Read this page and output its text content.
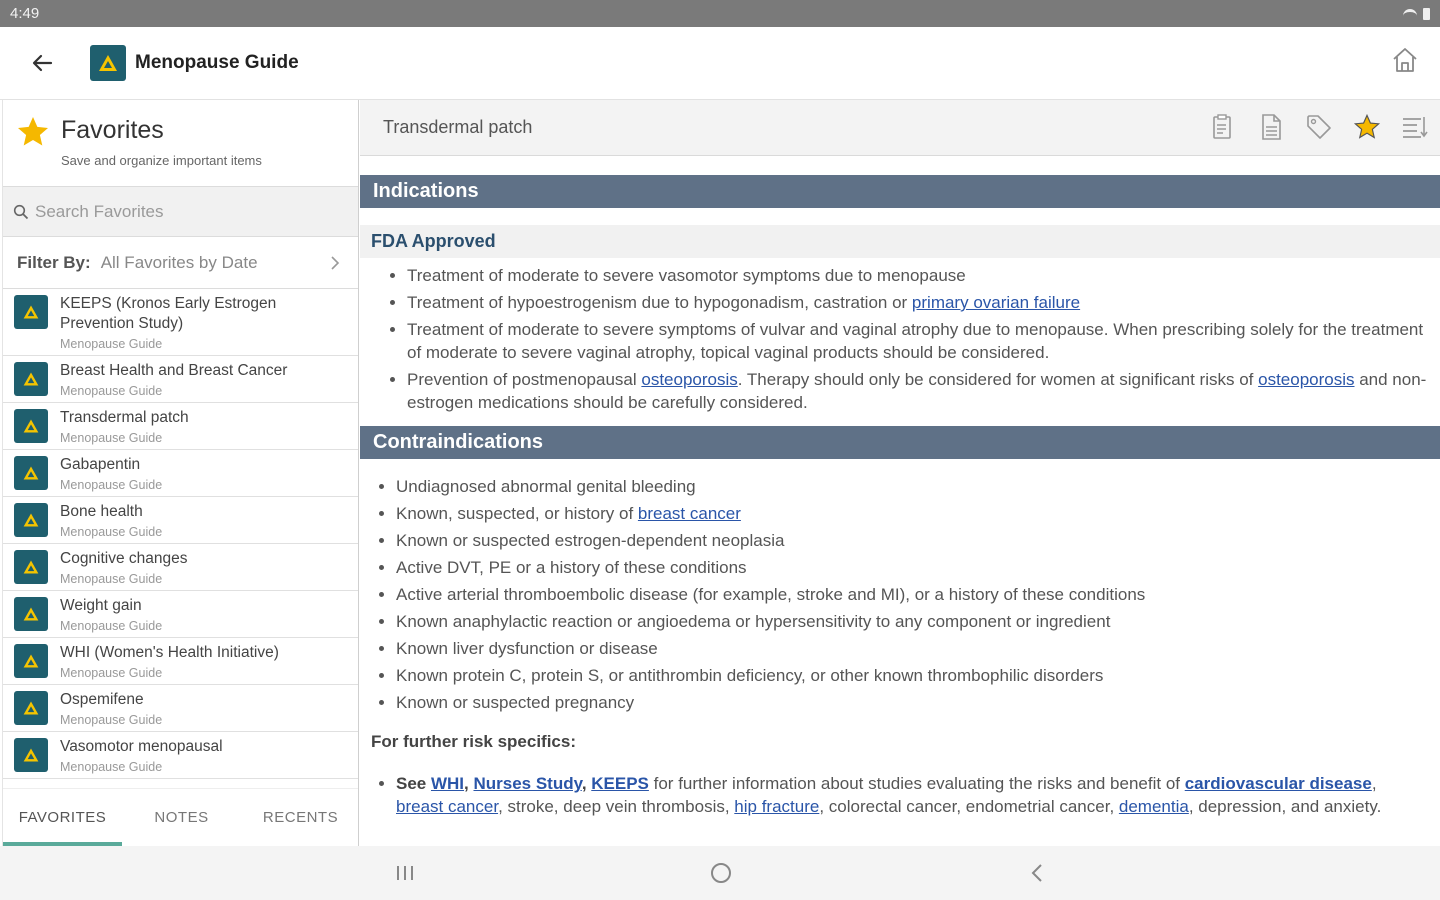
4:49
Menopause Guide
Favorites
Save and organize important items
Search Favorites
Filter By: All Favorites by Date
KEEPS (Kronos Early Estrogen Prevention Study)
Menopause Guide
Breast Health and Breast Cancer
Menopause Guide
Transdermal patch
Menopause Guide
Gabapentin
Menopause Guide
Bone health
Menopause Guide
Cognitive changes
Menopause Guide
Weight gain
Menopause Guide
WHI (Women's Health Initiative)
Menopause Guide
Ospemifene
Menopause Guide
Vasomotor menopausal
Menopause Guide
FAVORITES	NOTES	RECENTS
Transdermal patch
Indications
FDA Approved
• Treatment of moderate to severe vasomotor symptoms due to menopause
• Treatment of hypoestrogenism due to hypogonadism, castration or primary ovarian failure
• Treatment of moderate to severe symptoms of vulvar and vaginal atrophy due to menopause. When prescribing solely for the treatment of moderate to severe vaginal atrophy, topical vaginal products should be considered.
• Prevention of postmenopausal osteoporosis. Therapy should only be considered for women at significant risks of osteoporosis and non-estrogen medications should be carefully considered.
Contraindications
• Undiagnosed abnormal genital bleeding
• Known, suspected, or history of breast cancer
• Known or suspected estrogen-dependent neoplasia
• Active DVT, PE or a history of these conditions
• Active arterial thromboembolic disease (for example, stroke and MI), or a history of these conditions
• Known anaphylactic reaction or angioedema or hypersensitivity to any component or ingredient
• Known liver dysfunction or disease
• Known protein C, protein S, or antithrombin deficiency, or other known thrombophilic disorders
• Known or suspected pregnancy
For further risk specifics:
• See WHI, Nurses Study, KEEPS for further information about studies evaluating the risks and benefit of cardiovascular disease, breast cancer, stroke, deep vein thrombosis, hip fracture, colorectal cancer, endometrial cancer, dementia, depression, and anxiety.
